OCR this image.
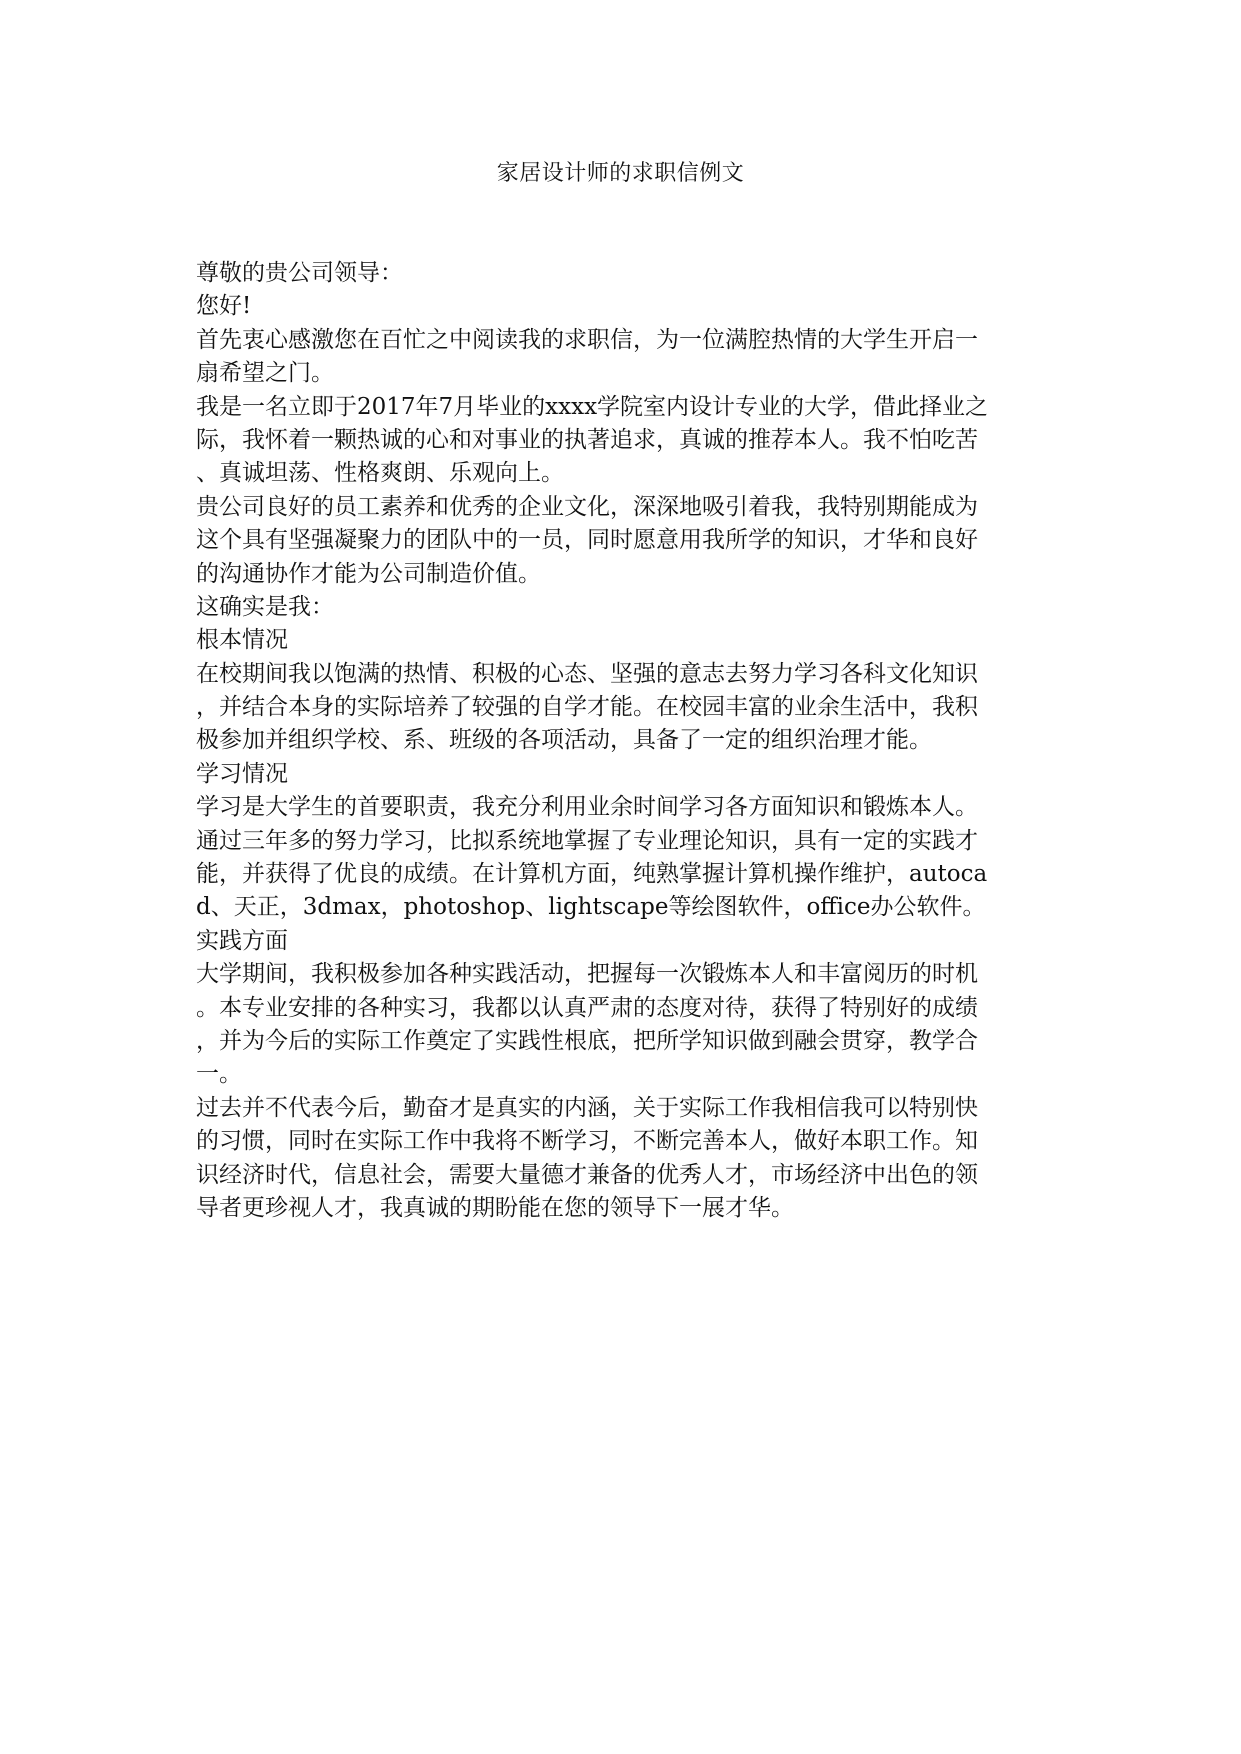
家居设计师的求职信例文
尊敬的贵公司领导：
您好!
首先衷心感激您在百忙之中阅读我的求职信，为一位满腔热情的大学生开启一
扇希望之门。
我是一名立即于2017年7月毕业的xxxx学院室内设计专业的大学，借此择业之
际，我怀着一颗热诚的心和对事业的执著追求，真诚的推荐本人。我不怕吃苦
、真诚坦荡、性格爽朗、乐观向上。
贵公司良好的员工素养和优秀的企业文化，深深地吸引着我，我特别期能成为
这个具有坚强凝聚力的团队中的一员，同时愿意用我所学的知识，才华和良好
的沟通协作才能为公司制造价值。
这确实是我：
根本情况
在校期间我以饱满的热情、积极的心态、坚强的意志去努力学习各科文化知识
，并结合本身的实际培养了较强的自学才能。在校园丰富的业余生活中，我积
极参加并组织学校、系、班级的各项活动，具备了一定的组织治理才能。
学习情况
学习是大学生的首要职责，我充分利用业余时间学习各方面知识和锻炼本人。
通过三年多的努力学习，比拟系统地掌握了专业理论知识，具有一定的实践才
能，并获得了优良的成绩。在计算机方面，纯熟掌握计算机操作维护，autoca
d、天正，3dmax，photoshop、lightscape等绘图软件，office办公软件。
实践方面
大学期间，我积极参加各种实践活动，把握每一次锻炼本人和丰富阅历的时机
。本专业安排的各种实习，我都以认真严肃的态度对待，获得了特别好的成绩
，并为今后的实际工作奠定了实践性根底，把所学知识做到融会贯穿，教学合
一。
过去并不代表今后，勤奋才是真实的内涵，关于实际工作我相信我可以特别快
的习惯，同时在实际工作中我将不断学习，不断完善本人，做好本职工作。知
识经济时代，信息社会，需要大量德才兼备的优秀人才，市场经济中出色的领
导者更珍视人才，我真诚的期盼能在您的领导下一展才华。
